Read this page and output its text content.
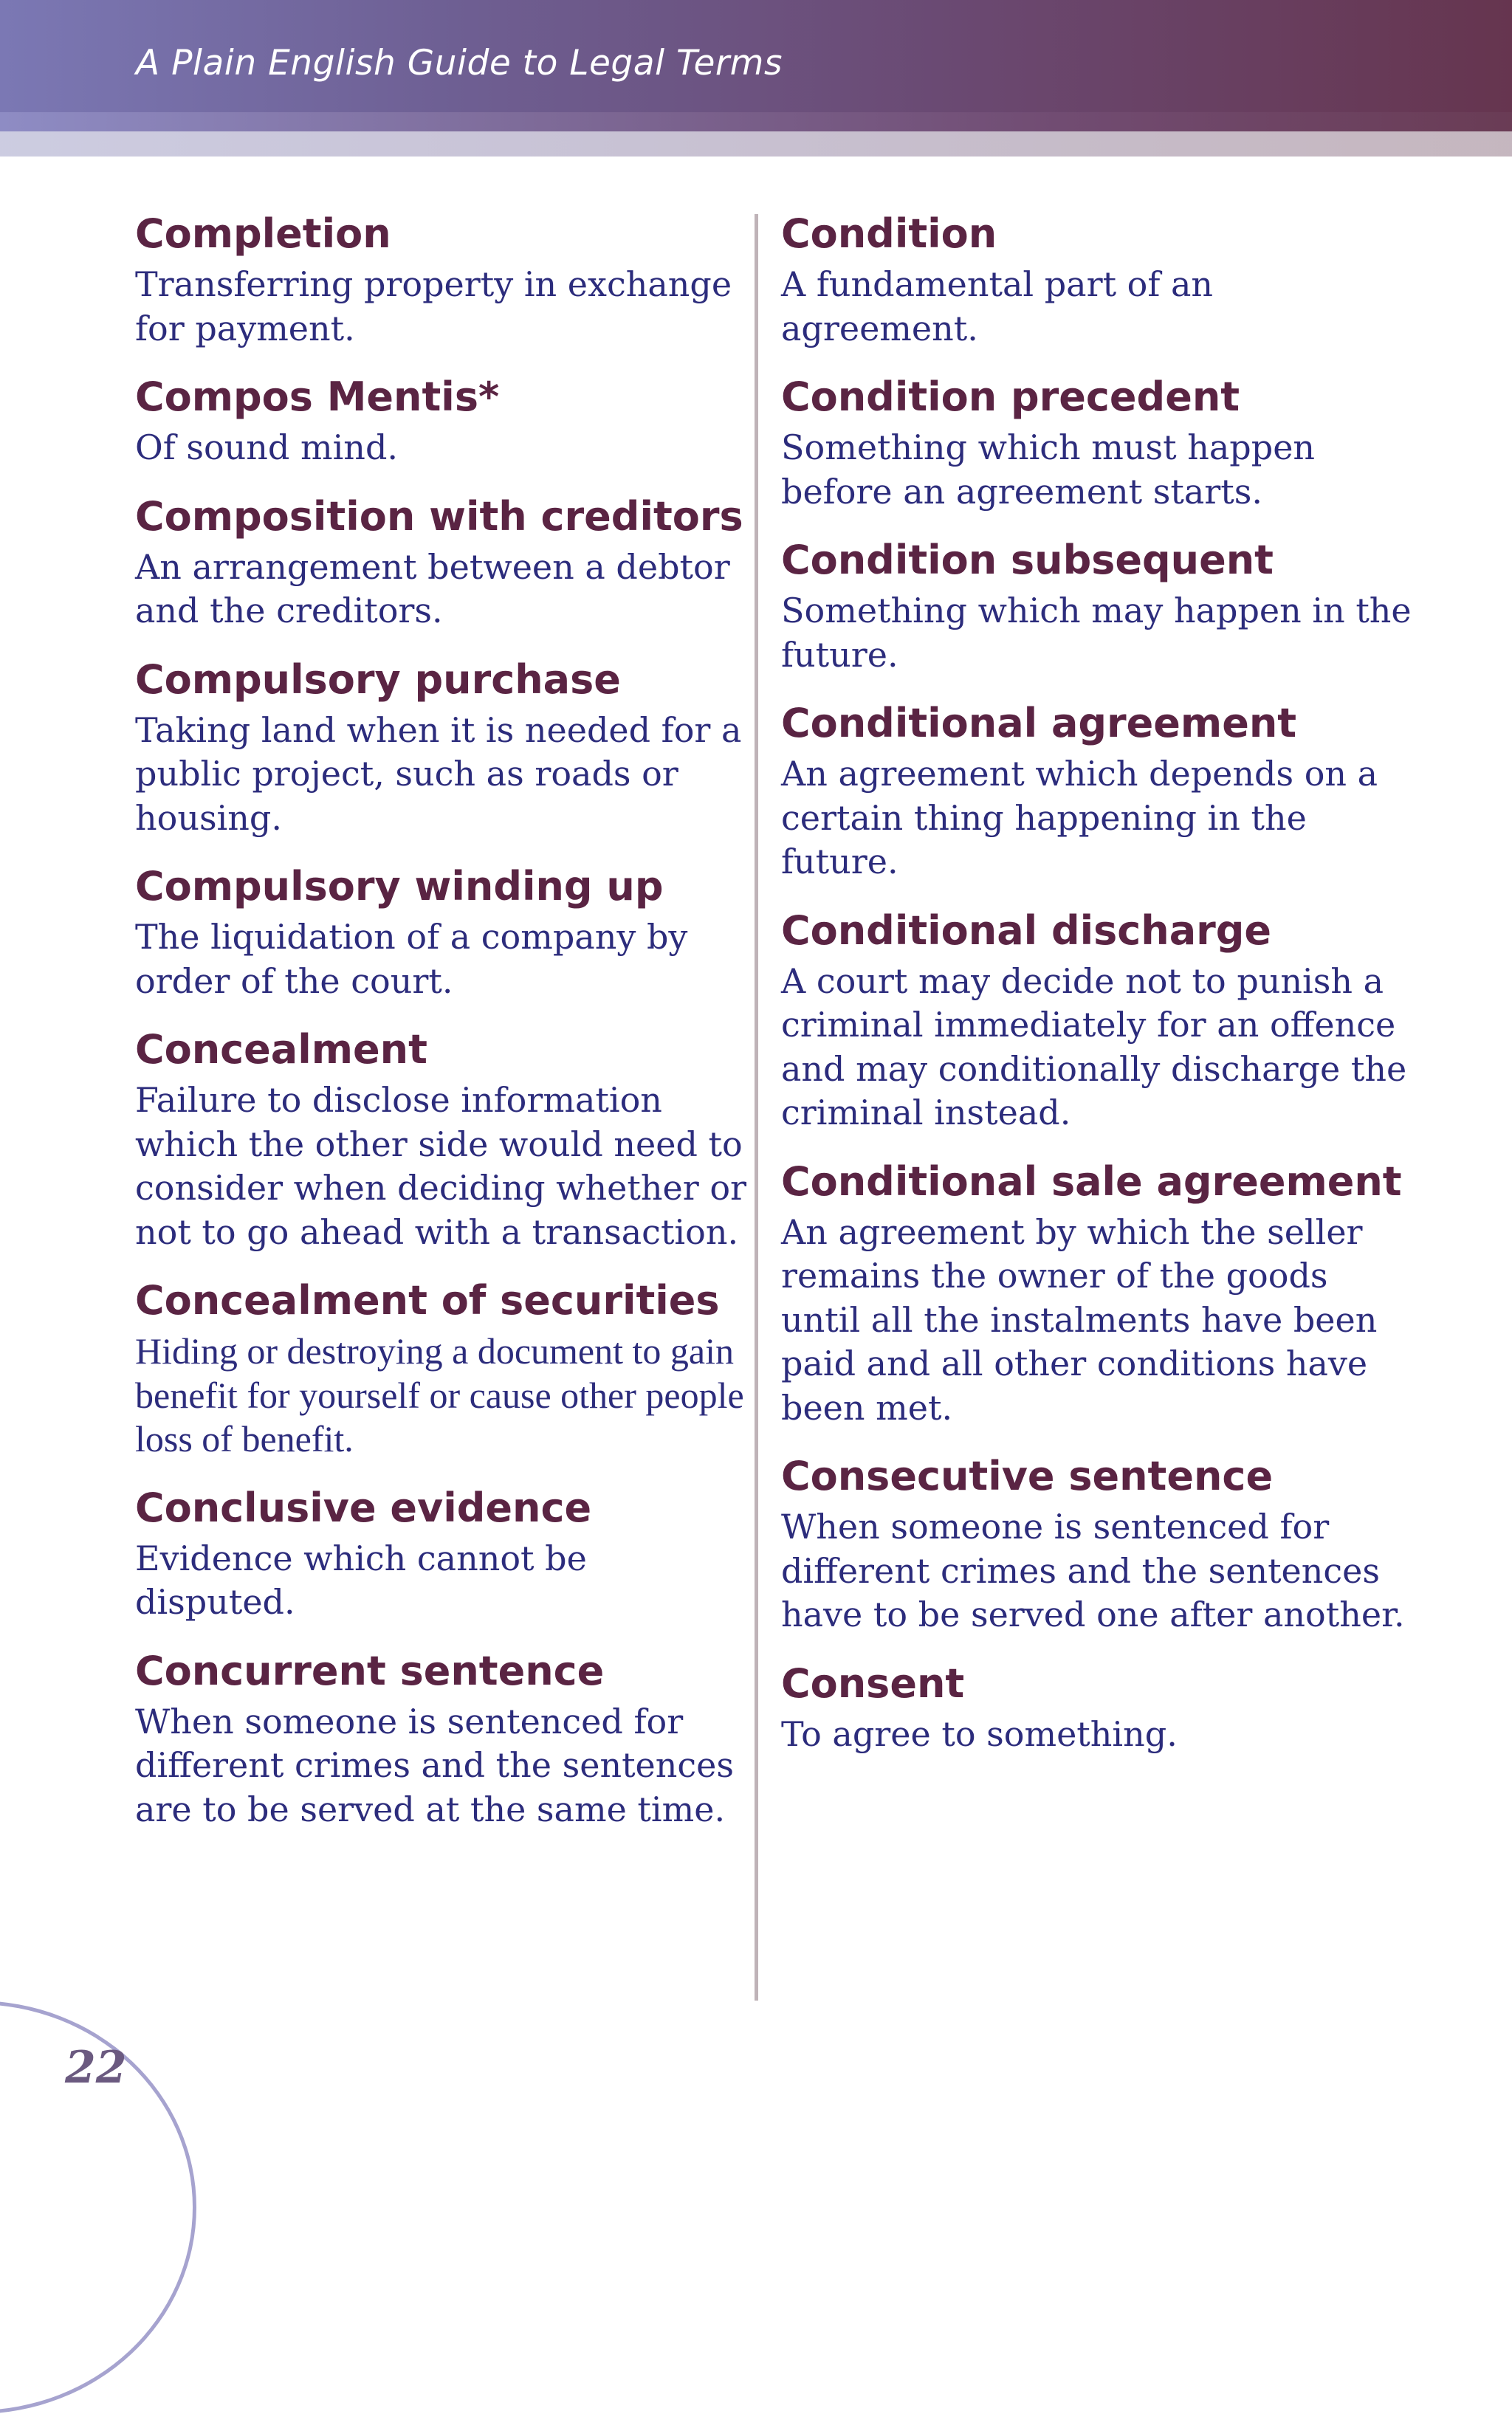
A Plain English Guide to Legal Terms
Completion
Transferring property in exchange for payment.
Compos Mentis*
Of sound mind.
Composition with creditors
An arrangement between a debtor and the creditors.
Compulsory purchase
Taking land when it is needed for a public project, such as roads or housing.
Compulsory winding up
The liquidation of a company by order of the court.
Concealment
Failure to disclose information which the other side would need to consider when deciding whether or not to go ahead with a transaction.
Concealment of securities
Hiding or destroying a document to gain benefit for yourself or cause other people loss of benefit.
Conclusive evidence
Evidence which cannot be disputed.
Concurrent sentence
When someone is sentenced for different crimes and the sentences are to be served at the same time.
Condition
A fundamental part of an agreement.
Condition precedent
Something which must happen before an agreement starts.
Condition subsequent
Something which may happen in the future.
Conditional agreement
An agreement which depends on a certain thing happening in the future.
Conditional discharge
A court may decide not to punish a criminal immediately for an offence and may conditionally discharge the criminal instead.
Conditional sale agreement
An agreement by which the seller remains the owner of the goods until all the instalments have been paid and all other conditions have been met.
Consecutive sentence
When someone is sentenced for different crimes and the sentences have to be served one after another.
Consent
To agree to something.
22
